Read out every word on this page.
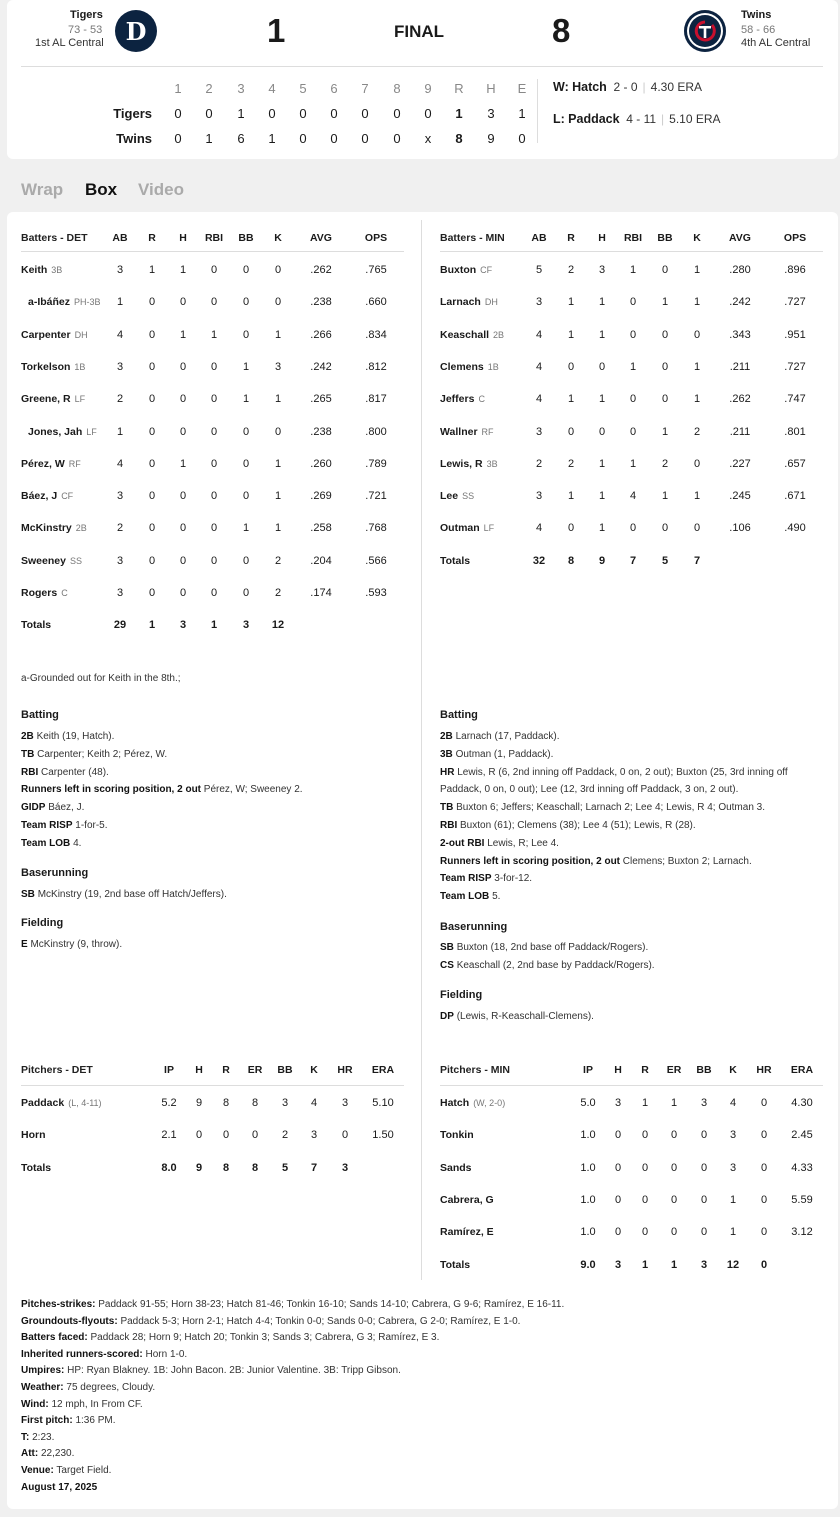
Tigers
73 - 53
1st AL Central D	1	FINAL	8	Twins
58 - 66
4th AL Central
1	2	3	4	5	6	7	8	9	R	H	E
Tigers	0	0	1	0	0	0	0	0	0	1	3	1
Twins	0	1	6	1	0	0	0	0	x	8	9	0
W: Hatch 2 - 0 | 4.30 ERA
L: Paddack 4 - 11 | 5.10 ERA
Wrap Box Video
Batters - DET	AB	R	H	RBI	BB	K	AVG	OPS
Keith 3B	3	1	1	0	0	0	.262	.765
a-Ibáñez PH-3B	1	0	0	0	0	0	.238	.660
Carpenter DH	4	0	1	1	0	1	.266	.834
Torkelson 1B	3	0	0	0	1	3	.242	.812
Greene, R LF	2	0	0	0	1	1	.265	.817
Jones, Jah LF	1	0	0	0	0	0	.238	.800
Pérez, W RF	4	0	1	0	0	1	.260	.789
Báez, J CF	3	0	0	0	0	1	.269	.721
McKinstry 2B	2	0	0	0	1	1	.258	.768
Sweeney SS	3	0	0	0	0	2	.204	.566
Rogers C	3	0	0	0	0	2	.174	.593
Totals	29	1	3	1	3	12
Batters - MIN	AB	R	H	RBI	BB	K	AVG	OPS
Buxton CF	5	2	3	1	0	1	.280	.896
Larnach DH	3	1	1	0	1	1	.242	.727
Keaschall 2B	4	1	1	0	0	0	.343	.951
Clemens 1B	4	0	0	1	0	1	.211	.727
Jeffers C	4	1	1	0	0	1	.262	.747
Wallner RF	3	0	0	0	1	2	.211	.801
Lewis, R 3B	2	2	1	1	2	0	.227	.657
Lee SS	3	1	1	4	1	1	.245	.671
Outman LF	4	0	1	0	0	0	.106	.490
Totals	32	8	9	7	5	7
a-Grounded out for Keith in the 8th.;
Batting
2B Keith (19, Hatch).
TB Carpenter; Keith 2; Pérez, W.
RBI Carpenter (48).
Runners left in scoring position, 2 out Pérez, W; Sweeney 2.
GIDP Báez, J.
Team RISP 1-for-5.
Team LOB 4.
Baserunning
SB McKinstry (19, 2nd base off Hatch/Jeffers).
Fielding
E McKinstry (9, throw).
Batting
2B Larnach (17, Paddack).
3B Outman (1, Paddack).
HR Lewis, R (6, 2nd inning off Paddack, 0 on, 2 out); Buxton (25, 3rd inning off
Paddack, 0 on, 0 out); Lee (12, 3rd inning off Paddack, 3 on, 2 out).
TB Buxton 6; Jeffers; Keaschall; Larnach 2; Lee 4; Lewis, R 4; Outman 3.
RBI Buxton (61); Clemens (38); Lee 4 (51); Lewis, R (28).
2-out RBI Lewis, R; Lee 4.
Runners left in scoring position, 2 out Clemens; Buxton 2; Larnach.
Team RISP 3-for-12.
Team LOB 5.
Baserunning
SB Buxton (18, 2nd base off Paddack/Rogers).
CS Keaschall (2, 2nd base by Paddack/Rogers).
Fielding
DP (Lewis, R-Keaschall-Clemens).
Pitchers - DET	IP	H	R	ER	BB	K	HR	ERA
Paddack (L, 4-11)	5.2	9	8	8	3	4	3	5.10
Horn	2.1	0	0	0	2	3	0	1.50
Totals	8.0	9	8	8	5	7	3
Pitchers - MIN	IP	H	R	ER	BB	K	HR	ERA
Hatch (W, 2-0)	5.0	3	1	1	3	4	0	4.30
Tonkin	1.0	0	0	0	0	3	0	2.45
Sands	1.0	0	0	0	0	3	0	4.33
Cabrera, G	1.0	0	0	0	0	1	0	5.59
Ramírez, E	1.0	0	0	0	0	1	0	3.12
Totals	9.0	3	1	1	3	12	0
Pitches-strikes: Paddack 91-55; Horn 38-23; Hatch 81-46; Tonkin 16-10; Sands 14-10; Cabrera, G 9-6; Ramírez, E 16-11.
Groundouts-flyouts: Paddack 5-3; Horn 2-1; Hatch 4-4; Tonkin 0-0; Sands 0-0; Cabrera, G 2-0; Ramírez, E 1-0.
Batters faced: Paddack 28; Horn 9; Hatch 20; Tonkin 3; Sands 3; Cabrera, G 3; Ramírez, E 3.
Inherited runners-scored: Horn 1-0.
Umpires: HP: Ryan Blakney. 1B: John Bacon. 2B: Junior Valentine. 3B: Tripp Gibson.
Weather: 75 degrees, Cloudy.
Wind: 12 mph, In From CF.
First pitch: 1:36 PM.
T: 2:23.
Att: 22,230.
Venue: Target Field.
August 17, 2025
